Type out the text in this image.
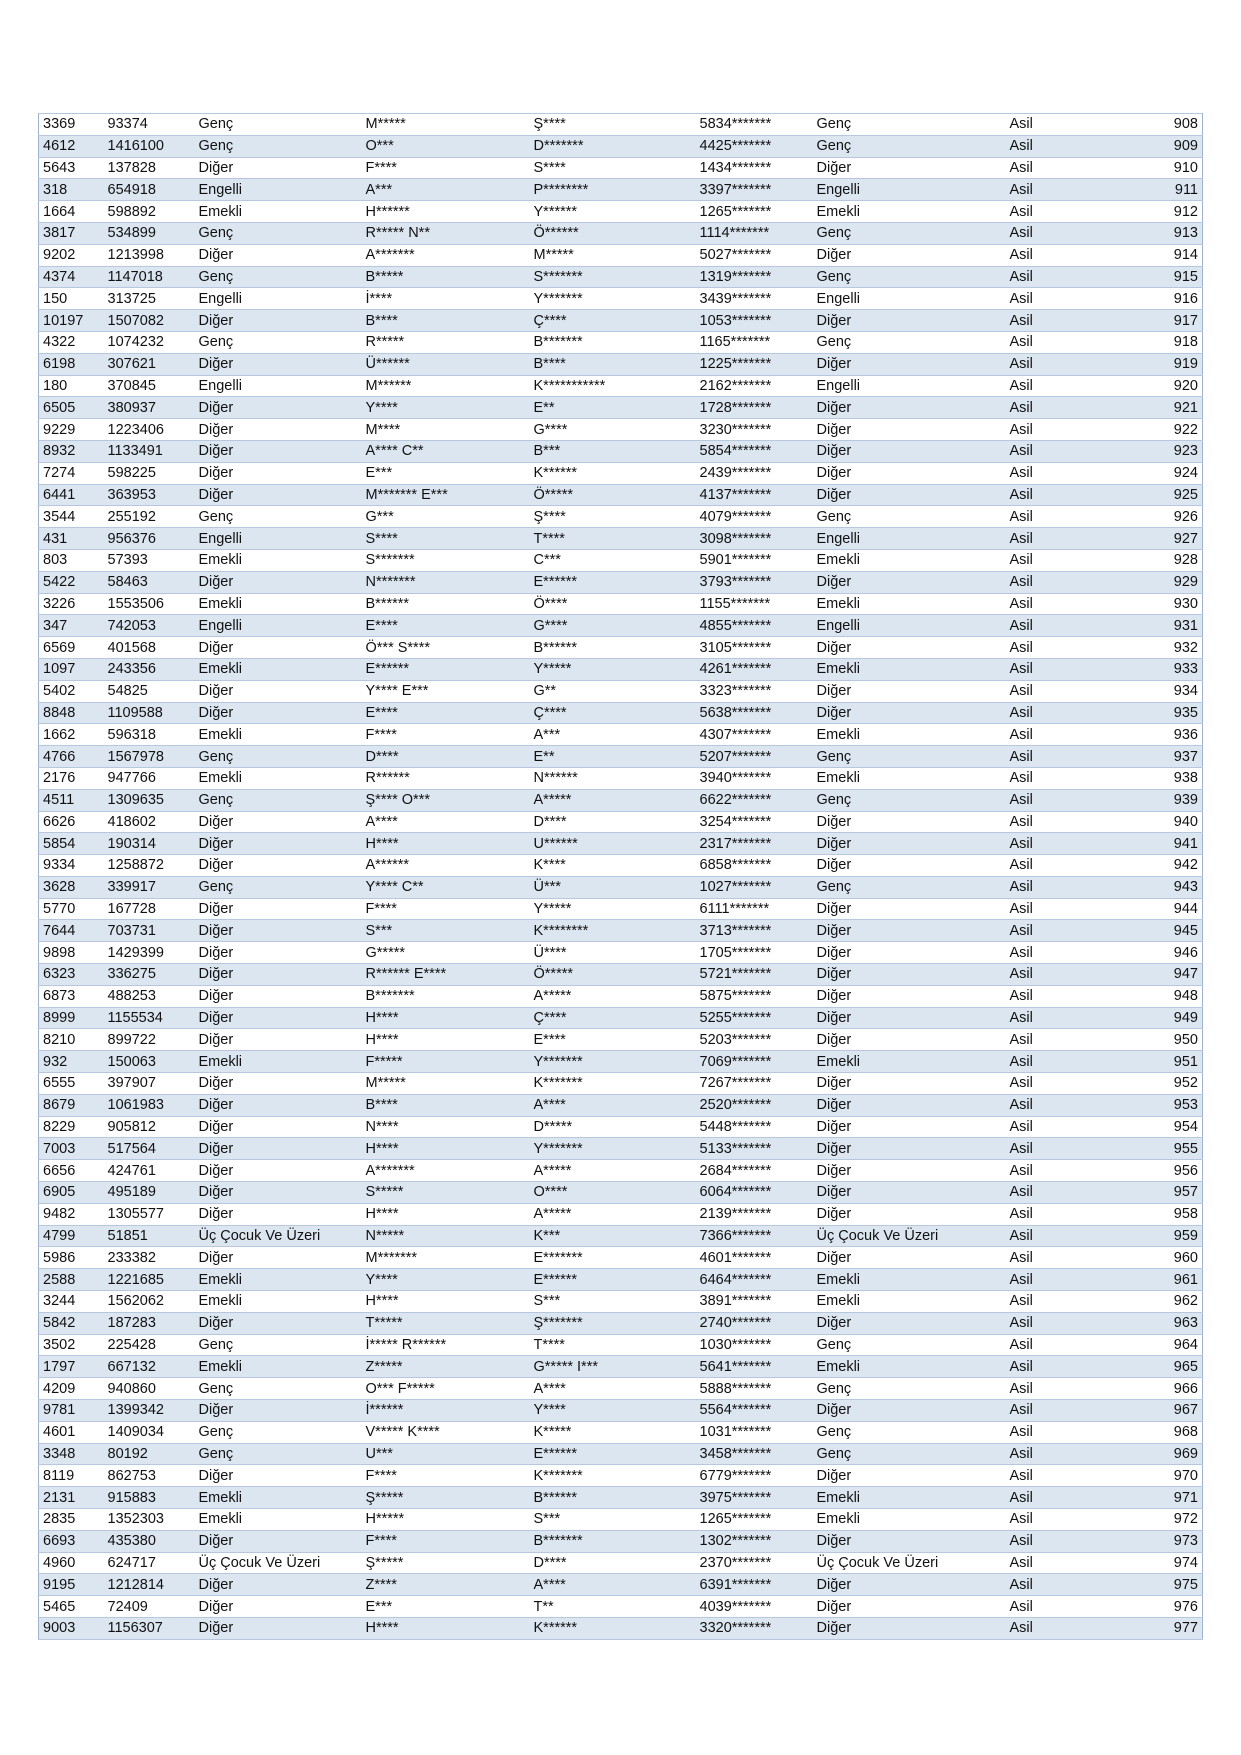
3369	93374	Genç	M*****	Ş****	5834*******	Genç	Asil	908
4612	1416100	Genç	O***	D*******	4425*******	Genç	Asil	909
5643	137828	Diğer	F****	S****	1434*******	Diğer	Asil	910
318	654918	Engelli	A***	P********	3397*******	Engelli	Asil	911
1664	598892	Emekli	H******	Y******	1265*******	Emekli	Asil	912
3817	534899	Genç	R***** N**	Ö******	1114*******	Genç	Asil	913
9202	1213998	Diğer	A*******	M*****	5027*******	Diğer	Asil	914
4374	1147018	Genç	B*****	S*******	1319*******	Genç	Asil	915
150	313725	Engelli	İ****	Y*******	3439*******	Engelli	Asil	916
10197	1507082	Diğer	B****	Ç****	1053*******	Diğer	Asil	917
4322	1074232	Genç	R*****	B*******	1165*******	Genç	Asil	918
6198	307621	Diğer	Ü******	B****	1225*******	Diğer	Asil	919
180	370845	Engelli	M******	K***********	2162*******	Engelli	Asil	920
6505	380937	Diğer	Y****	E**	1728*******	Diğer	Asil	921
9229	1223406	Diğer	M****	G****	3230*******	Diğer	Asil	922
8932	1133491	Diğer	A**** C**	B***	5854*******	Diğer	Asil	923
7274	598225	Diğer	E***	K******	2439*******	Diğer	Asil	924
6441	363953	Diğer	M******* E***	Ö*****	4137*******	Diğer	Asil	925
3544	255192	Genç	G***	Ş****	4079*******	Genç	Asil	926
431	956376	Engelli	S****	T****	3098*******	Engelli	Asil	927
803	57393	Emekli	S*******	C***	5901*******	Emekli	Asil	928
5422	58463	Diğer	N*******	E******	3793*******	Diğer	Asil	929
3226	1553506	Emekli	B******	Ö****	1155*******	Emekli	Asil	930
347	742053	Engelli	E****	G****	4855*******	Engelli	Asil	931
6569	401568	Diğer	Ö*** S****	B******	3105*******	Diğer	Asil	932
1097	243356	Emekli	E******	Y*****	4261*******	Emekli	Asil	933
5402	54825	Diğer	Y**** E***	G**	3323*******	Diğer	Asil	934
8848	1109588	Diğer	E****	Ç****	5638*******	Diğer	Asil	935
1662	596318	Emekli	F****	A***	4307*******	Emekli	Asil	936
4766	1567978	Genç	D****	E**	5207*******	Genç	Asil	937
2176	947766	Emekli	R******	N******	3940*******	Emekli	Asil	938
4511	1309635	Genç	Ş**** O***	A*****	6622*******	Genç	Asil	939
6626	418602	Diğer	A****	D****	3254*******	Diğer	Asil	940
5854	190314	Diğer	H****	U******	2317*******	Diğer	Asil	941
9334	1258872	Diğer	A******	K****	6858*******	Diğer	Asil	942
3628	339917	Genç	Y**** C**	Ü***	1027*******	Genç	Asil	943
5770	167728	Diğer	F****	Y*****	6111*******	Diğer	Asil	944
7644	703731	Diğer	S***	K********	3713*******	Diğer	Asil	945
9898	1429399	Diğer	G*****	Ü****	1705*******	Diğer	Asil	946
6323	336275	Diğer	R****** E****	Ö*****	5721*******	Diğer	Asil	947
6873	488253	Diğer	B*******	A*****	5875*******	Diğer	Asil	948
8999	1155534	Diğer	H****	Ç****	5255*******	Diğer	Asil	949
8210	899722	Diğer	H****	E****	5203*******	Diğer	Asil	950
932	150063	Emekli	F*****	Y*******	7069*******	Emekli	Asil	951
6555	397907	Diğer	M*****	K*******	7267*******	Diğer	Asil	952
8679	1061983	Diğer	B****	A****	2520*******	Diğer	Asil	953
8229	905812	Diğer	N****	D*****	5448*******	Diğer	Asil	954
7003	517564	Diğer	H****	Y*******	5133*******	Diğer	Asil	955
6656	424761	Diğer	A*******	A*****	2684*******	Diğer	Asil	956
6905	495189	Diğer	S*****	O****	6064*******	Diğer	Asil	957
9482	1305577	Diğer	H****	A*****	2139*******	Diğer	Asil	958
4799	51851	Üç Çocuk Ve Üzeri	N*****	K***	7366*******	Üç Çocuk Ve Üzeri	Asil	959
5986	233382	Diğer	M*******	E*******	4601*******	Diğer	Asil	960
2588	1221685	Emekli	Y****	E******	6464*******	Emekli	Asil	961
3244	1562062	Emekli	H****	S***	3891*******	Emekli	Asil	962
5842	187283	Diğer	T*****	Ş*******	2740*******	Diğer	Asil	963
3502	225428	Genç	İ***** R******	T****	1030*******	Genç	Asil	964
1797	667132	Emekli	Z*****	G***** I***	5641*******	Emekli	Asil	965
4209	940860	Genç	O*** F*****	A****	5888*******	Genç	Asil	966
9781	1399342	Diğer	İ******	Y****	5564*******	Diğer	Asil	967
4601	1409034	Genç	V***** K****	K*****	1031*******	Genç	Asil	968
3348	80192	Genç	U***	E******	3458*******	Genç	Asil	969
8119	862753	Diğer	F****	K*******	6779*******	Diğer	Asil	970
2131	915883	Emekli	Ş*****	B******	3975*******	Emekli	Asil	971
2835	1352303	Emekli	H*****	S***	1265*******	Emekli	Asil	972
6693	435380	Diğer	F****	B*******	1302*******	Diğer	Asil	973
4960	624717	Üç Çocuk Ve Üzeri	Ş*****	D****	2370*******	Üç Çocuk Ve Üzeri	Asil	974
9195	1212814	Diğer	Z****	A****	6391*******	Diğer	Asil	975
5465	72409	Diğer	E***	T**	4039*******	Diğer	Asil	976
9003	1156307	Diğer	H****	K******	3320*******	Diğer	Asil	977
